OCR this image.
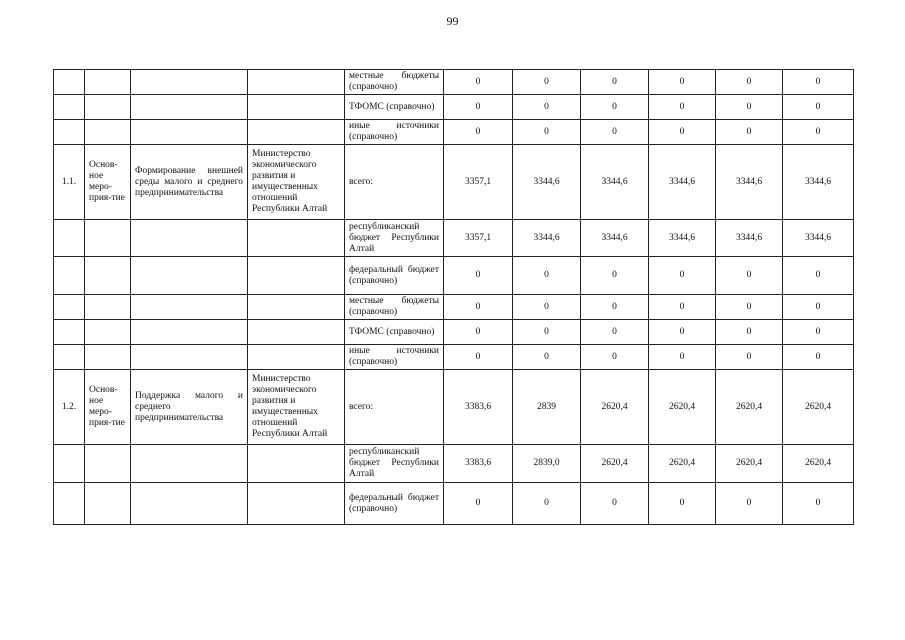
99
				местные бюджеты (справочно)	0	0	0	0	0	0
				ТФОМС (справочно)	0	0	0	0	0	0
				иные источники (справочно)	0	0	0	0	0	0
1.1.	Основ-ное меро-прия-тие	Формирование внешней среды малого и среднего предпринимательства	Министерство экономического развития и имущественных отношений Республики Алтай	всего:	3357,1	3344,6	3344,6	3344,6	3344,6	3344,6
				республиканский бюджет Республики Алтай	3357,1	3344,6	3344,6	3344,6	3344,6	3344,6
				федеральный бюджет (справочно)	0	0	0	0	0	0
				местные бюджеты (справочно)	0	0	0	0	0	0
				ТФОМС (справочно)	0	0	0	0	0	0
				иные источники (справочно)	0	0	0	0	0	0
1.2.	Основ-ное меро-прия-тие	Поддержка малого и среднего предпринимательства	Министерство экономического развития и имущественных отношений Республики Алтай	всего:	3383,6	2839	2620,4	2620,4	2620,4	2620,4
				республиканский бюджет Республики Алтай	3383,6	2839,0	2620,4	2620,4	2620,4	2620,4
				федеральный бюджет (справочно)	0	0	0	0	0	0
